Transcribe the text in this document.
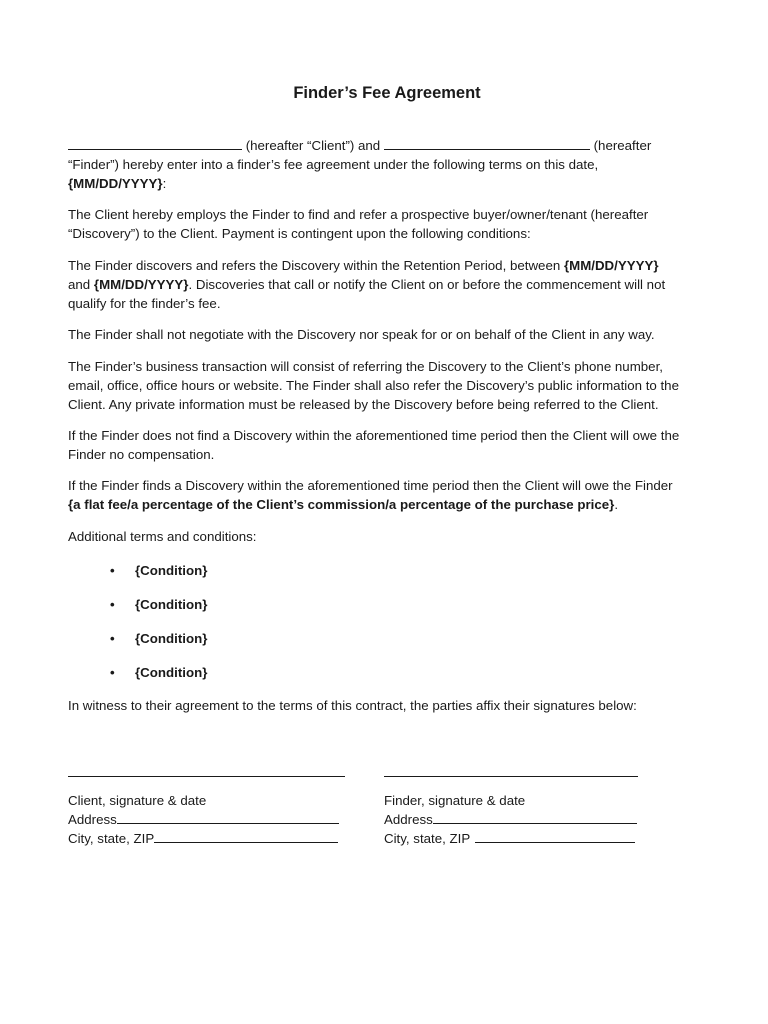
Finder’s Fee Agreement
(hereafter “Client”) and	(hereafter
“Finder”) hereby enter into a finder’s fee agreement under the following terms on this date,
{MM/DD/YYYY}:
The Client hereby employs the Finder to find and refer a prospective buyer/owner/tenant (hereafter
“Discovery”) to the Client. Payment is contingent upon the following conditions:
The Finder discovers and refers the Discovery within the Retention Period, between {MM/DD/YYYY}
and {MM/DD/YYYY}. Discoveries that call or notify the Client on or before the commencement will not
qualify for the finder’s fee.
The Finder shall not negotiate with the Discovery nor speak for or on behalf of the Client in any way.
The Finder’s business transaction will consist of referring the Discovery to the Client’s phone number,
email, office, office hours or website. The Finder shall also refer the Discovery’s public information to the
Client. Any private information must be released by the Discovery before being referred to the Client.
If the Finder does not find a Discovery within the aforementioned time period then the Client will owe the
Finder no compensation.
If the Finder finds a Discovery within the aforementioned time period then the Client will owe the Finder
{a flat fee/a percentage of the Client’s commission/a percentage of the purchase price}.
Additional terms and conditions:
• {Condition}
• {Condition}
• {Condition}
• {Condition}
In witness to their agreement to the terms of this contract, the parties affix their signatures below:
Client, signature & date
Address
City, state, ZIP
Finder, signature & date
Address
City, state, ZIP
